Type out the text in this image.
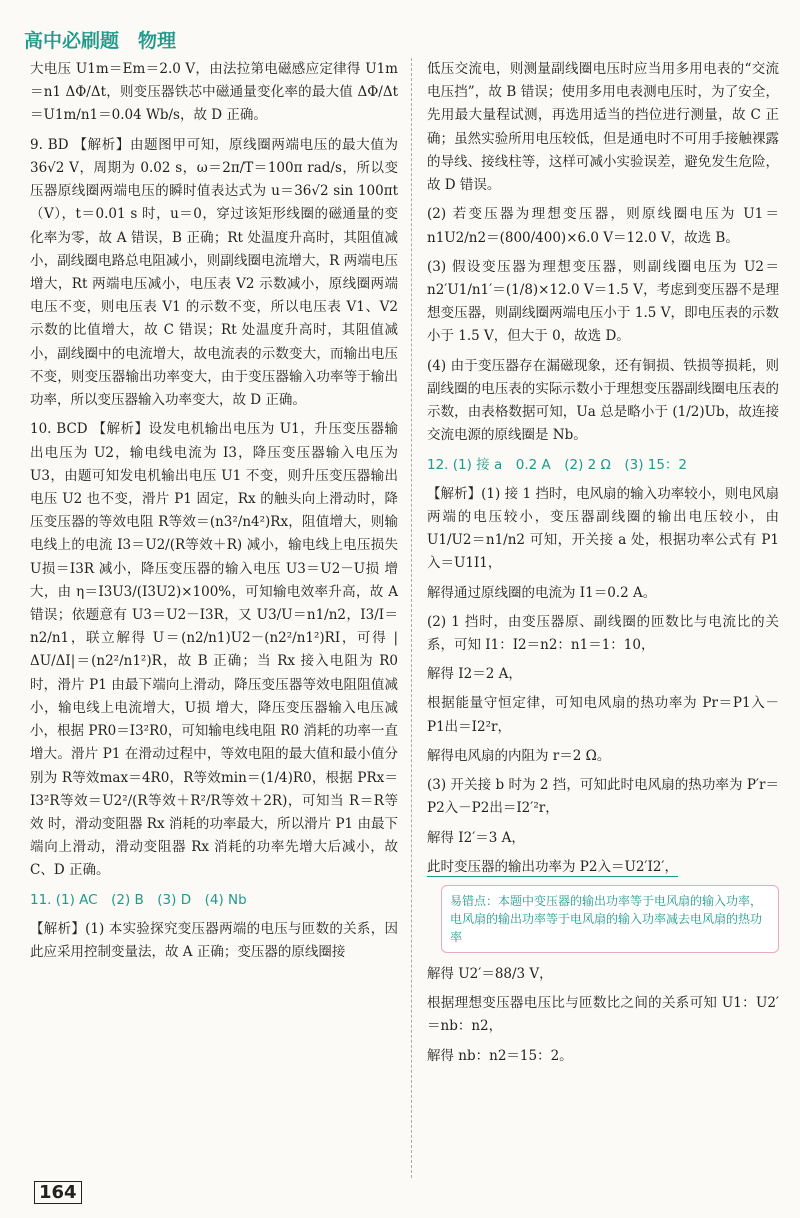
高中必刷题　物理

大电压 U1m＝Em＝2.0 V，由法拉第电磁感应定律得 U1m＝n1 ΔΦ/Δt，则变压器铁芯中磁通量变化率的最大值 ΔΦ/Δt＝U1m/n1＝0.04 Wb/s，故 D 正确。

9. BD 【解析】由题图甲可知，原线圈两端电压的最大值为 36√2 V，周期为 0.02 s，ω＝2π/T＝100π rad/s，所以变压器原线圈两端电压的瞬时值表达式为 u＝36√2 sin 100πt（V），t＝0.01 s 时，u＝0，穿过该矩形线圈的磁通量的变化率为零，故 A 错误，B 正确；Rt 处温度升高时，其阻值减小，副线圈电路总电阻减小，则副线圈电流增大，R 两端电压增大，Rt 两端电压减小，电压表 V2 示数减小，原线圈两端电压不变，则电压表 V1 的示数不变，所以电压表 V1、V2 示数的比值增大，故 C 错误；Rt 处温度升高时，其阻值减小，副线圈中的电流增大，故电流表的示数变大，而输出电压不变，则变压器输出功率变大，由于变压器输入功率等于输出功率，所以变压器输入功率变大，故 D 正确。

10. BCD 【解析】设发电机输出电压为 U1，升压变压器输出电压为 U2，输电线电流为 I3，降压变压器输入电压为 U3，由题可知发电机输出电压 U1 不变，则升压变压器输出电压 U2 也不变，滑片 P1 固定，Rx 的触头向上滑动时，降压变压器的等效电阻 R等效＝(n3²/n4²)Rx，阻值增大，则输电线上的电流 I3＝U2/(R等效＋R) 减小，输电线上电压损失 U损＝I3R 减小，降压变压器的输入电压 U3＝U2－U损 增大，由 η＝I3U3/(I3U2)×100%，可知输电效率升高，故 A 错误；依题意有 U3＝U2－I3R，又 U3/U＝n1/n2，I3/I＝n2/n1，联立解得 U＝(n2/n1)U2－(n2²/n1²)RI，可得 |ΔU/ΔI|＝(n2²/n1²)R，故 B 正确；当 Rx 接入电阻为 R0 时，滑片 P1 由最下端向上滑动，降压变压器等效电阻阻值减小，输电线上电流增大，U损 增大，降压变压器输入电压减小，根据 PR0＝I3²R0，可知输电线电阻 R0 消耗的功率一直增大。滑片 P1 在滑动过程中，等效电阻的最大值和最小值分别为 R等效max＝4R0，R等效min＝(1/4)R0，根据 PRx＝I3²R等效＝U2²/(R等效＋R²/R等效＋2R)，可知当 R＝R等效 时，滑动变阻器 Rx 消耗的功率最大，所以滑片 P1 由最下端向上滑动，滑动变阻器 Rx 消耗的功率先增大后减小，故 C、D 正确。

11. (1) AC　(2) B　(3) D　(4) Nb

【解析】(1) 本实验探究变压器两端的电压与匝数的关系，因此应采用控制变量法，故 A 正确；变压器的原线圈接

低压交流电，则测量副线圈电压时应当用多用电表的“交流电压挡”，故 B 错误；使用多用电表测电压时，为了安全，先用最大量程试测，再选用适当的挡位进行测量，故 C 正确；虽然实验所用电压较低，但是通电时不可用手接触裸露的导线、接线柱等，这样可减小实验误差，避免发生危险，故 D 错误。

(2) 若变压器为理想变压器，则原线圈电压为 U1＝n1U2/n2＝(800/400)×6.0 V＝12.0 V，故选 B。

(3) 假设变压器为理想变压器，则副线圈电压为 U2＝n2′U1/n1′＝(1/8)×12.0 V＝1.5 V，考虑到变压器不是理想变压器，则副线圈两端电压小于 1.5 V，即电压表的示数小于 1.5 V，但大于 0，故选 D。

(4) 由于变压器存在漏磁现象，还有铜损、铁损等损耗，则副线圈的电压表的实际示数小于理想变压器副线圈电压表的示数，由表格数据可知，Ua 总是略小于 (1/2)Ub，故连接交流电源的原线圈是 Nb。

12. (1) 接 a　0.2 A　(2) 2 Ω　(3) 15：2

【解析】(1) 接 1 挡时，电风扇的输入功率较小，则电风扇两端的电压较小，变压器副线圈的输出电压较小，由 U1/U2＝n1/n2 可知，开关接 a 处，根据功率公式有 P1入＝U1I1，

解得通过原线圈的电流为 I1＝0.2 A。

(2) 1 挡时，由变压器原、副线圈的匝数比与电流比的关系，可知 I1：I2＝n2：n1＝1：10，

解得 I2＝2 A，

根据能量守恒定律，可知电风扇的热功率为 Pr＝P1入－P1出＝I2²r，

解得电风扇的内阻为 r＝2 Ω。

(3) 开关接 b 时为 2 挡，可知此时电风扇的热功率为 P′r＝P2入－P2出＝I2′²r，

解得 I2′＝3 A，

此时变压器的输出功率为 P2入＝U2′I2′，

易错点：本题中变压器的输出功率等于电风扇的输入功率，电风扇的输出功率等于电风扇的输入功率减去电风扇的热功率

解得 U2′＝88/3 V，

根据理想变压器电压比与匝数比之间的关系可知 U1：U2′＝nb：n2，

解得 nb：n2＝15：2。

164
